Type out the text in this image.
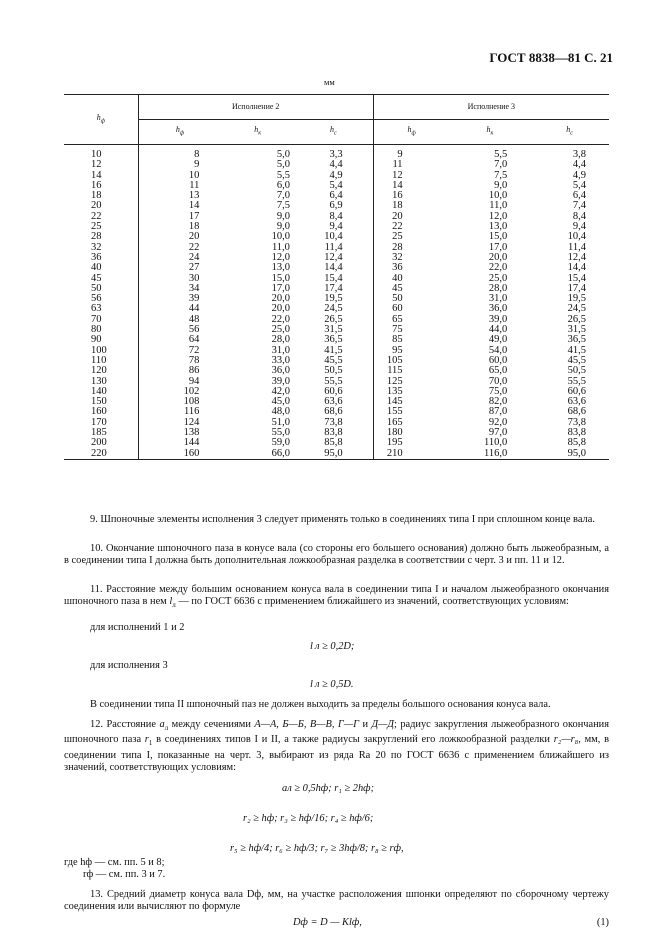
ГОСТ 8838—81 С. 21
мм
$h_ф$	Исполнение 2			Исполнение 3		
	$h_ф$	$h_к$	$h_с$	$h_ф$	$h_к$	$h_с$
10	8	5,0	3,3	9	5,5	3,8
12	9	5,0	4,4	11	7,0	4,4
14	10	5,5	4,9	12	7,5	4,9
16	11	6,0	5,4	14	9,0	5,4
18	13	7,0	6,4	16	10,0	6,4
20	14	7,5	6,9	18	11,0	7,4
22	17	9,0	8,4	20	12,0	8,4
25	18	9,0	9,4	22	13,0	9,4
28	20	10,0	10,4	25	15,0	10,4
32	22	11,0	11,4	28	17,0	11,4
36	24	12,0	12,4	32	20,0	12,4
40	27	13,0	14,4	36	22,0	14,4
45	30	15,0	15,4	40	25,0	15,4
50	34	17,0	17,4	45	28,0	17,4
56	39	20,0	19,5	50	31,0	19,5
63	44	20,0	24,5	60	36,0	24,5
70	48	22,0	26,5	65	39,0	26,5
80	56	25,0	31,5	75	44,0	31,5
90	64	28,0	36,5	85	49,0	36,5
100	72	31,0	41,5	95	54,0	41,5
110	78	33,0	45,5	105	60,0	45,5
120	86	36,0	50,5	115	65,0	50,5
130	94	39,0	55,5	125	70,0	55,5
140	102	42,0	60,6	135	75,0	60,6
150	108	45,0	63,6	145	82,0	63,6
160	116	48,0	68,6	155	87,0	68,6
170	124	51,0	73,8	165	92,0	73,8
185	138	55,0	83,8	180	97,0	83,8
200	144	59,0	85,8	195	110,0	85,8
220	160	66,0	95,0	210	116,0	95,0
9. Шпоночные элементы исполнения 3 следует применять только в соединениях типа I при сплошном конце вала.
10. Окончание шпоночного паза в конусе вала (со стороны его большего основания) должно быть лыжеобразным, а в соединении типа I должна быть дополнительная ложкообразная разделка в соответствии с черт. 3 и пп. 11 и 12.
11. Расстояние между большим основанием конуса вала в соединении типа I и началом лыжеобразного окончания шпоночного паза в нем $l_л$ — по ГОСТ 6636 с применением ближайшего из значений, соответствующих условиям:
для исполнений 1 и 2
l л ≥ 0,2D;
для исполнения 3
l л ≥ 0,5D.
В соединении типа II шпоночный паз не должен выходить за пределы большого основания конуса вала.
12. Расстояние $a_л$ между сечениями А—А, Б—Б, В—В, Г—Г и Д—Д; радиус закругления лыжеобразного окончания шпоночного паза $r_1$ в соединениях типов I и II, а также радиусы закруглений его ложкообразной разделки r₂—r₈, мм, в соединении типа I, показанные на черт. 3, выбирают из ряда Ra 20 по ГОСТ 6636 с применением ближайшего из значений, соответствующих условиям:
aл ≥ 0,5hф; r₁ ≥ 2hф;
r₂ ≥ hф; r₃ ≥ hф/16; r₄ ≥ hф/6;
r₅ ≥ hф/4; r₆ ≥ hф/3; r₇ ≥ 3hф/8; r₈ ≥ rф,
где hф — см. пп. 5 и 8;
rф — см. пп. 3 и 7.
13. Средний диаметр конуса вала Dф, мм, на участке расположения шпонки определяют по сборочному чертежу соединения или вычисляют по формуле
Dф = D — Klф,	(1)
